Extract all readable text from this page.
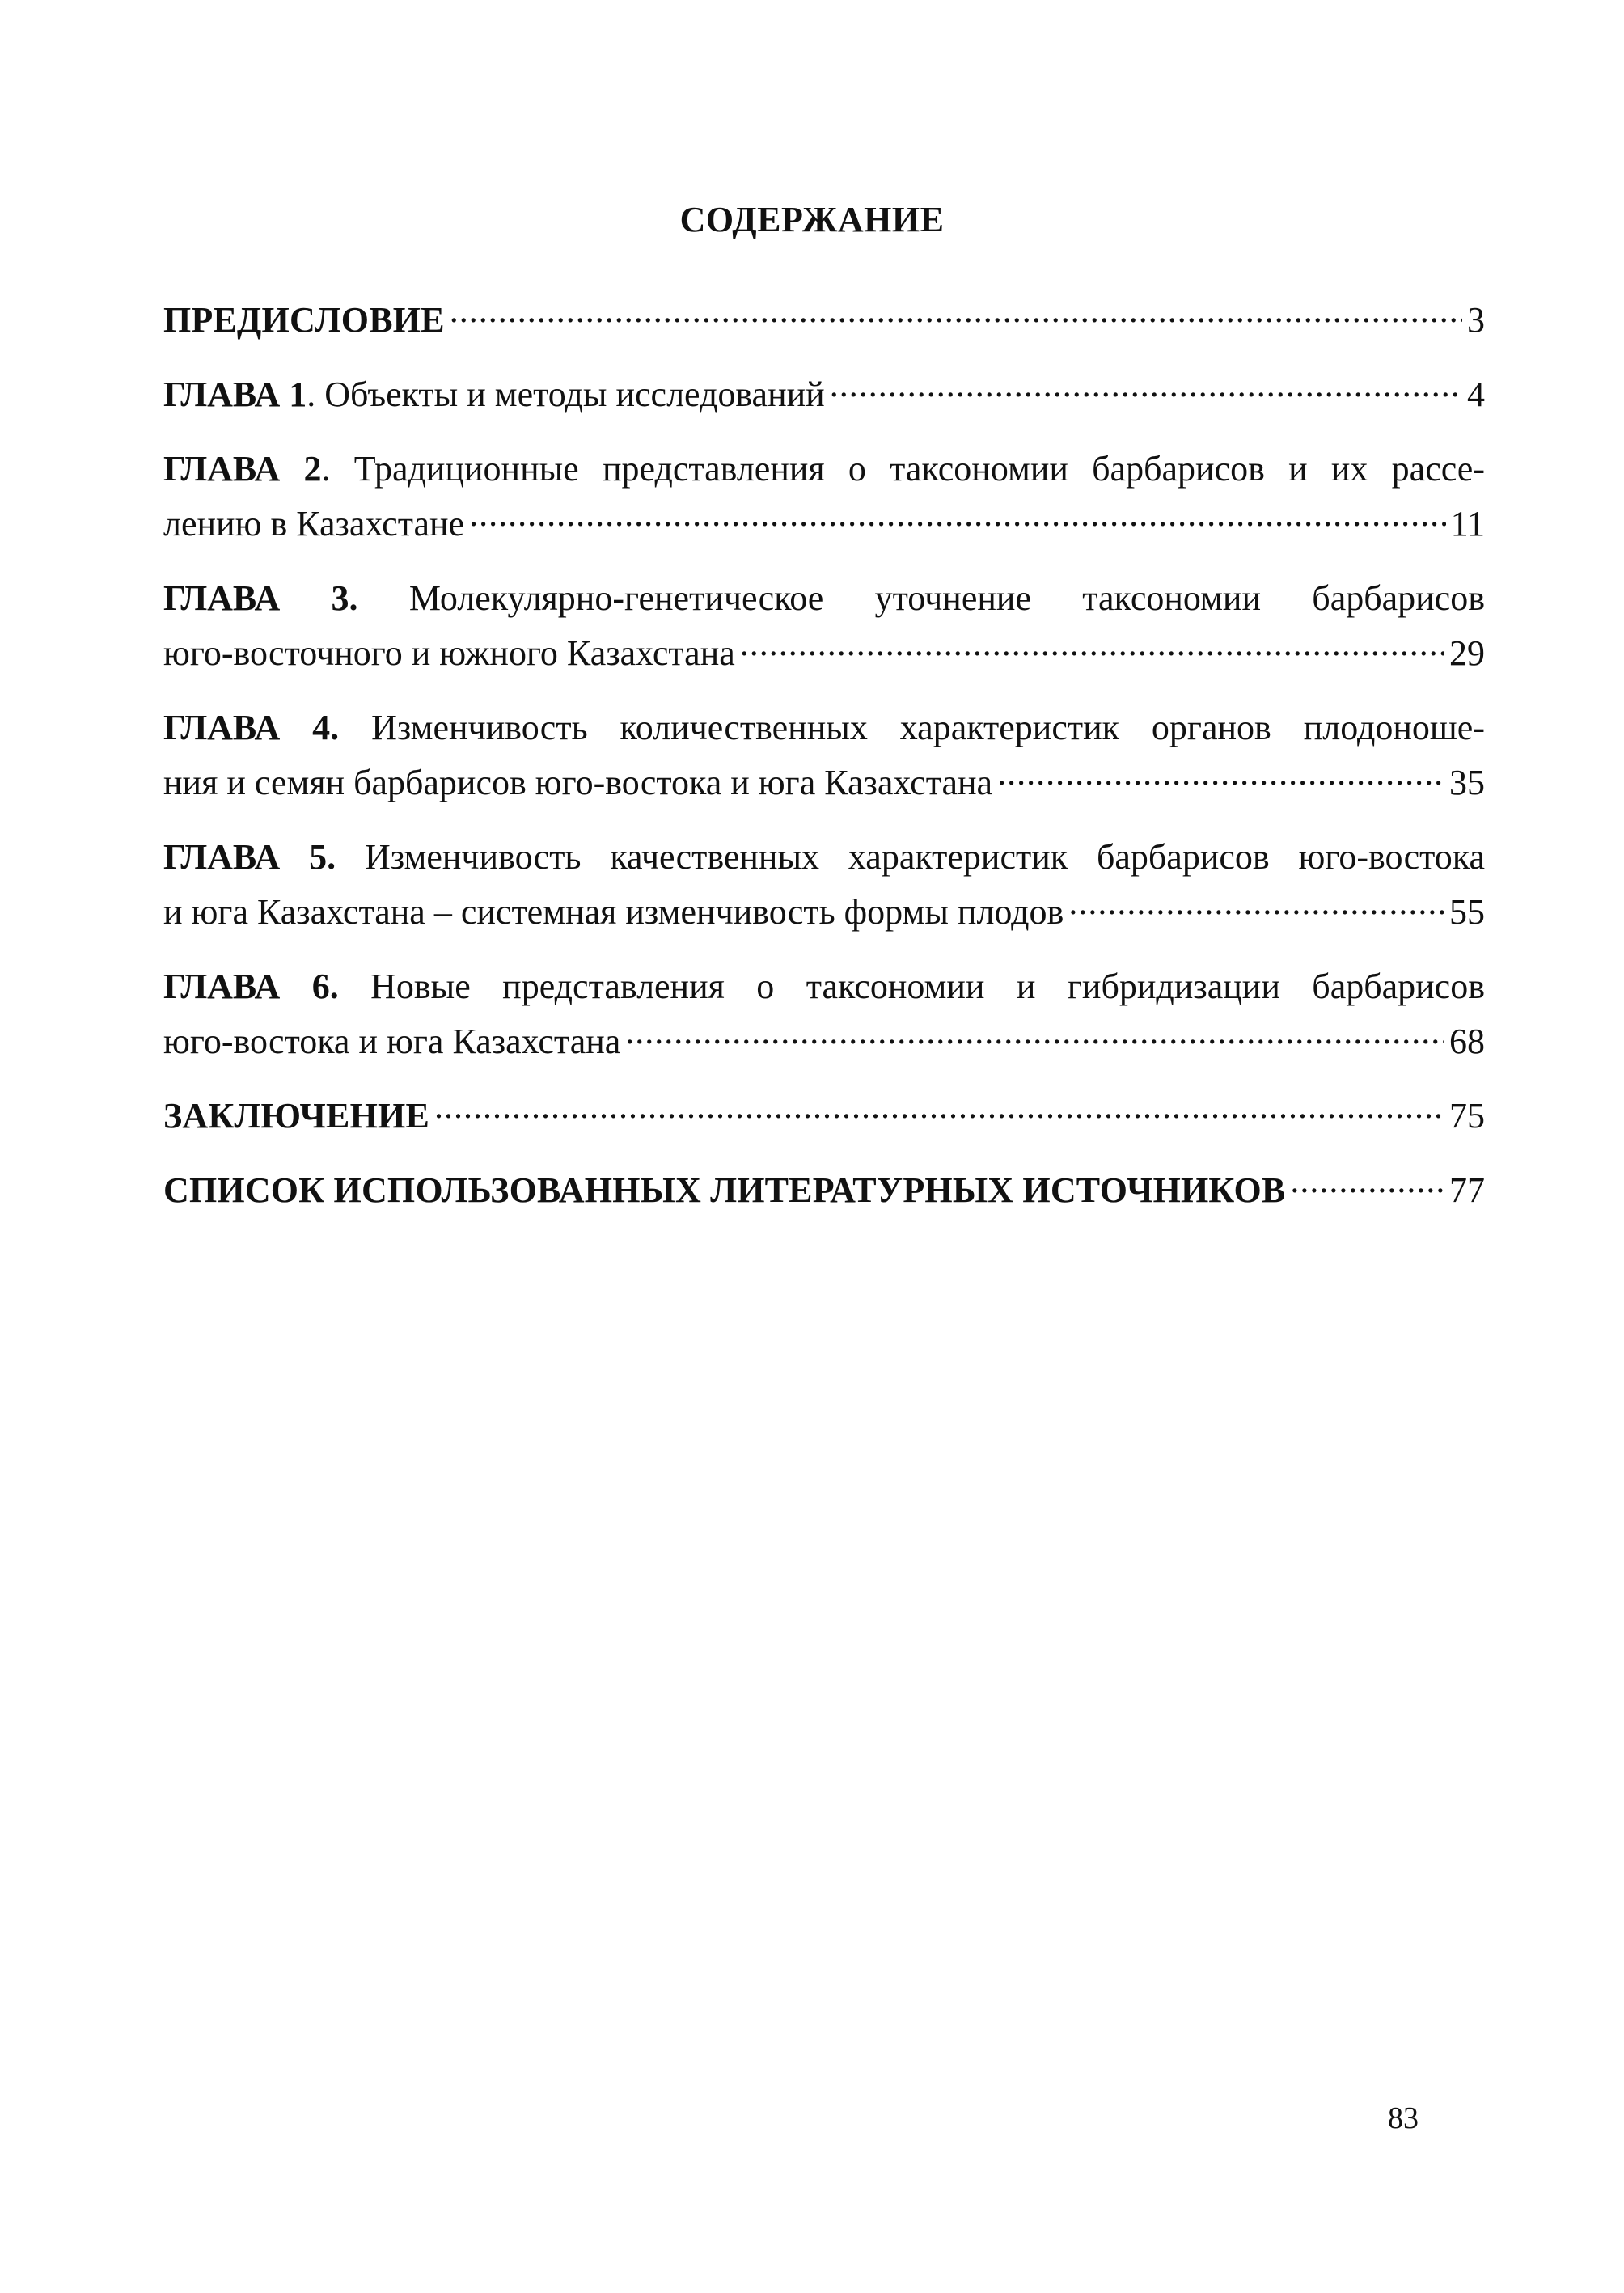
СОДЕРЖАНИЕ
ПРЕДИСЛОВИЕ .....	3
ГЛАВА 1. Объекты и методы исследований .....	4
ГЛАВА 2. Традиционные представления о таксономии барбарисов и их рассе-
лению в Казахстане .....	11
ГЛАВА 3. Молекулярно-генетическое уточнение таксономии барбарисов
юго-восточного и южного Казахстана .....	29
ГЛАВА 4. Изменчивость количественных характеристик органов плодоноше-
ния и семян барбарисов юго-востока и юга Казахстана .....	35
ГЛАВА 5. Изменчивость качественных характеристик барбарисов юго-востока
и юга Казахстана – системная изменчивость формы плодов .....	55
ГЛАВА 6. Новые представления о таксономии и гибридизации барбарисов
юго-востока и юга Казахстана .....	68
ЗАКЛЮЧЕНИЕ .....	75
СПИСОК ИСПОЛЬЗОВАННЫХ ЛИТЕРАТУРНЫХ ИСТОЧНИКОВ .....	77
83
